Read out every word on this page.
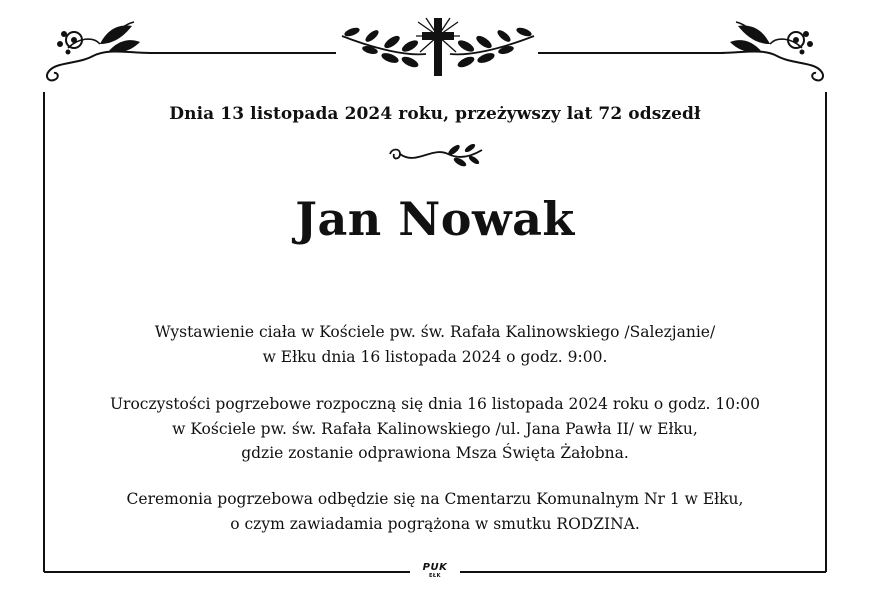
Dnia 13 listopada 2024 roku, przeżywszy lat 72 odszedł
Jan Nowak
Wystawienie ciała w Kościele pw. św. Rafała Kalinowskiego /Salezjanie/
w Ełku dnia 16 listopada 2024 o godz. 9:00.
Uroczystości pogrzebowe rozpoczną się dnia 16 listopada 2024 roku o godz. 10:00
w Kościele pw. św. Rafała Kalinowskiego /ul. Jana Pawła II/ w Ełku,
gdzie zostanie odprawiona Msza Święta Żałobna.
Ceremonia pogrzebowa odbędzie się na Cmentarzu Komunalnym Nr 1 w Ełku,
o czym zawiadamia pogrążona w smutku RODZINA.
PUK
EŁK
